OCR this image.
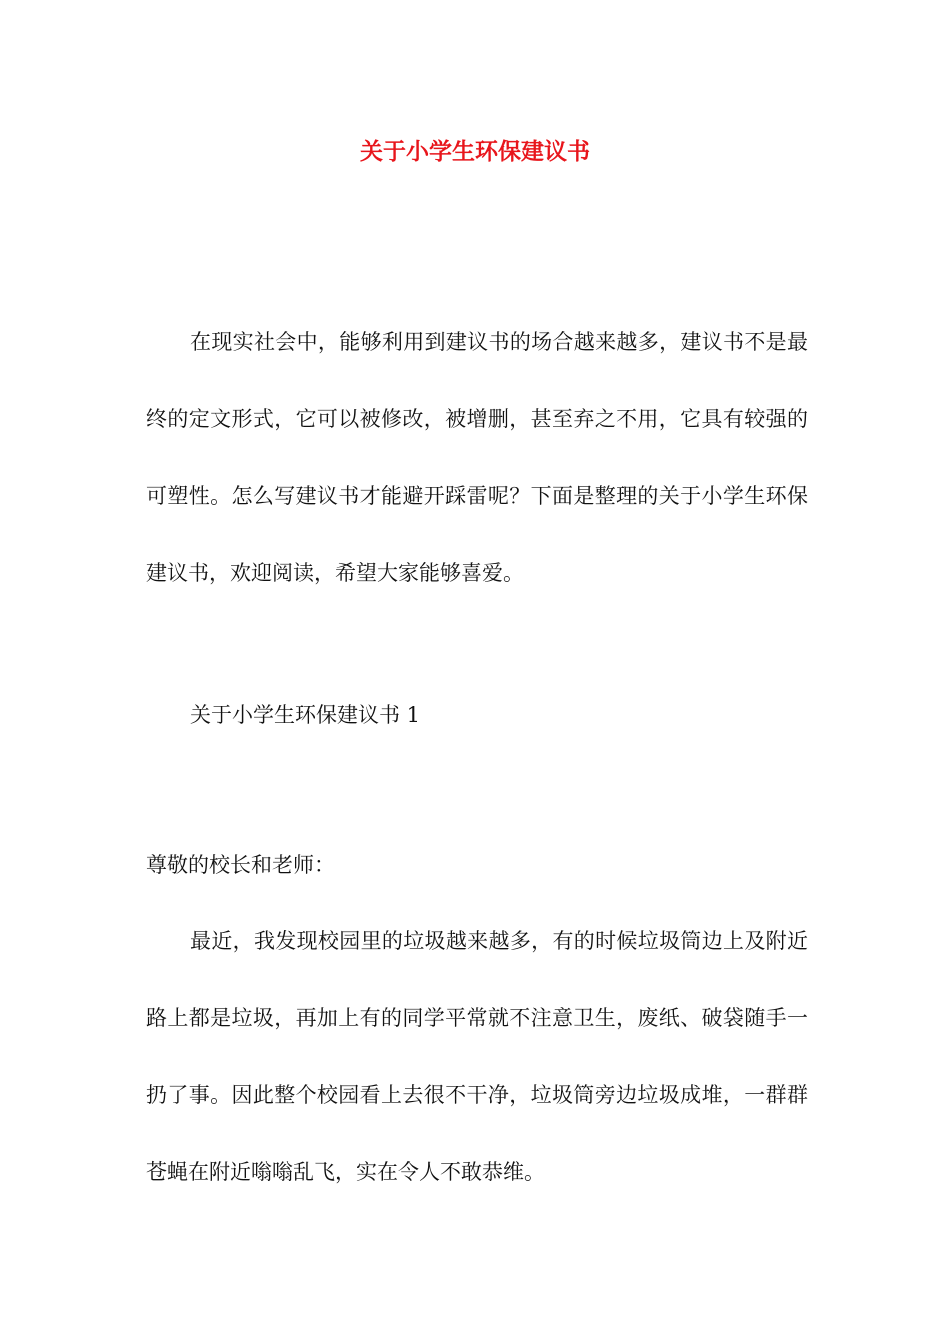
关于小学生环保建议书

在现实社会中，能够利用到建议书的场合越来越多，建议书不是最终的定文形式，它可以被修改，被增删，甚至弃之不用，它具有较强的可塑性。怎么写建议书才能避开踩雷呢？下面是整理的关于小学生环保建议书，欢迎阅读，希望大家能够喜爱。

关于小学生环保建议书 1

尊敬的校长和老师：

最近，我发现校园里的垃圾越来越多，有的时候垃圾筒边上及附近路上都是垃圾，再加上有的同学平常就不注意卫生，废纸、破袋随手一扔了事。因此整个校园看上去很不干净，垃圾筒旁边垃圾成堆，一群群苍蝇在附近嗡嗡乱飞，实在令人不敢恭维。
